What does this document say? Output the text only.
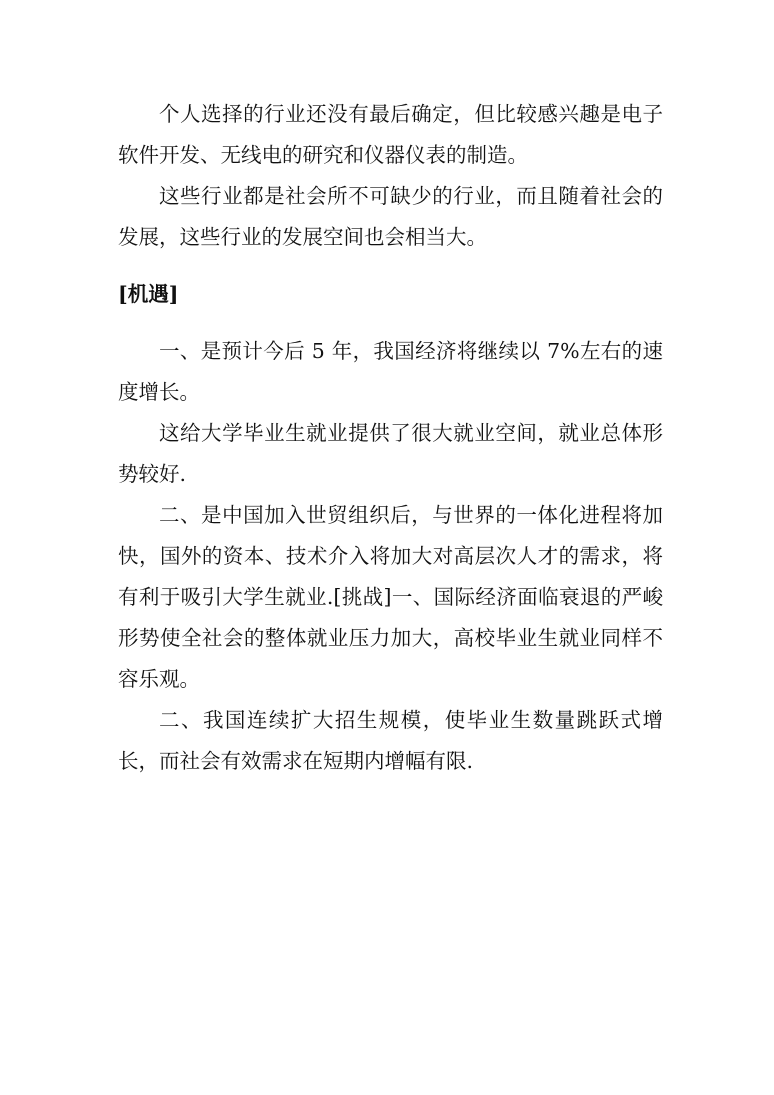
个人选择的行业还没有最后确定，但比较感兴趣是电子软件开发、无线电的研究和仪器仪表的制造。

这些行业都是社会所不可缺少的行业，而且随着社会的发展，这些行业的发展空间也会相当大。

[机遇]

一、是预计今后 5 年，我国经济将继续以 7%左右的速度增长。

这给大学毕业生就业提供了很大就业空间，就业总体形势较好.

二、是中国加入世贸组织后，与世界的一体化进程将加快，国外的资本、技术介入将加大对高层次人才的需求，将有利于吸引大学生就业.[挑战]一、国际经济面临衰退的严峻形势使全社会的整体就业压力加大，高校毕业生就业同样不容乐观。

二、我国连续扩大招生规模，使毕业生数量跳跃式增长，而社会有效需求在短期内增幅有限.
